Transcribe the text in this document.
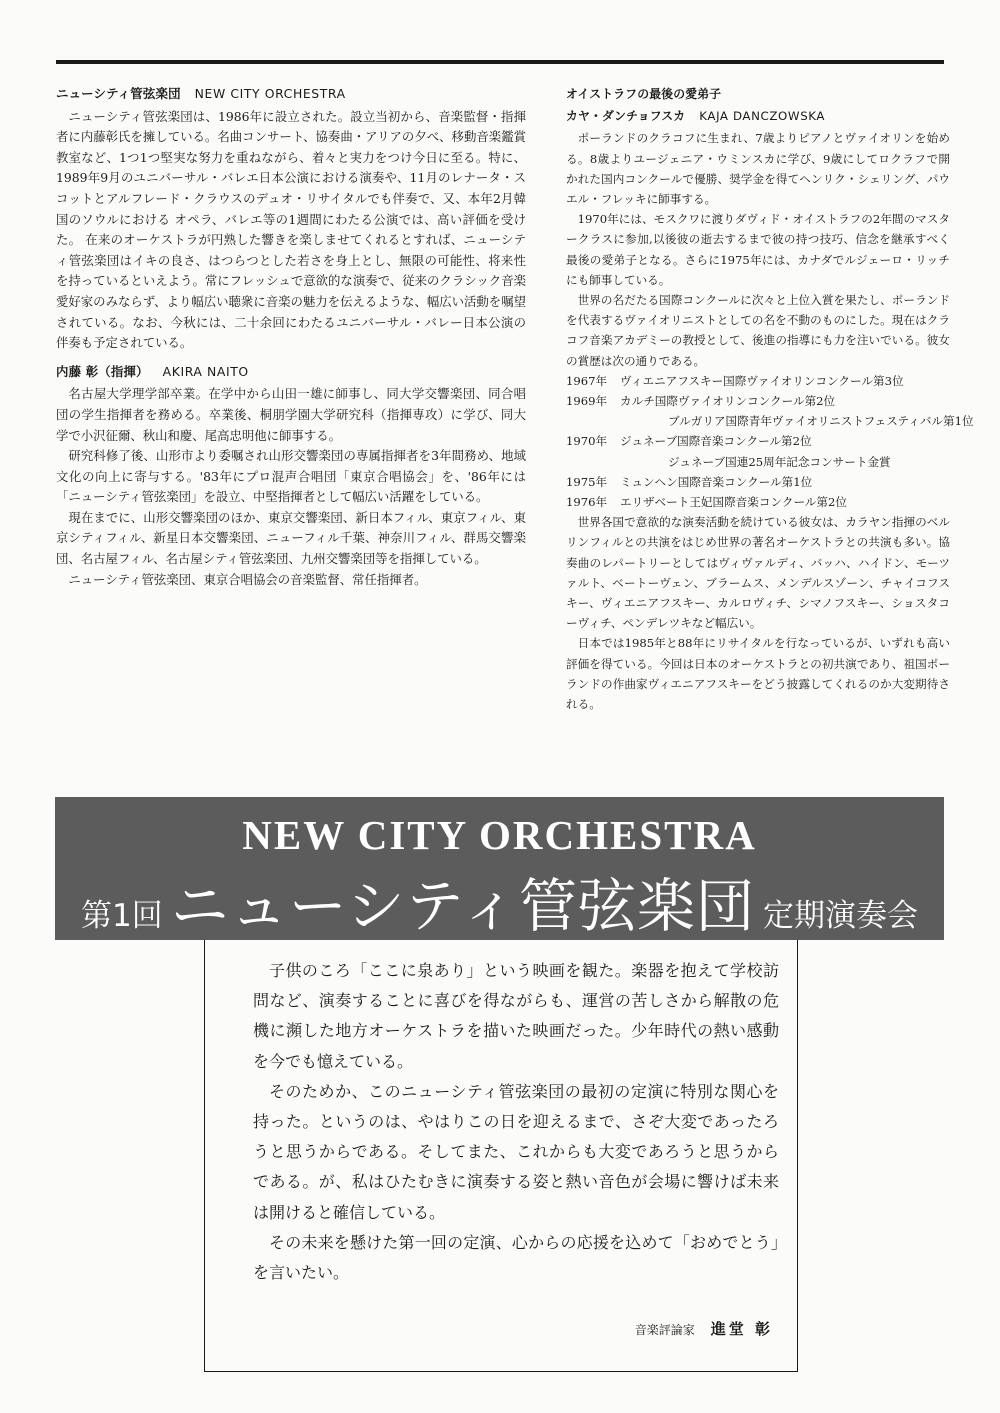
ニューシティ管弦楽団 NEW CITY ORCHESTRA

ニューシティ管弦楽団は、1986年に設立された。設立当初から、音楽監督・指揮者に内藤彰氏を擁している。名曲コンサート、協奏曲・アリアの夕べ、移動音楽鑑賞教室など、1つ1つ堅実な努力を重ねながら、着々と実力をつけ今日に至る。特に、1989年9月のユニバーサル・バレエ日本公演における演奏や、11月のレナータ・スコットとアルフレード・クラウスのデュオ・リサイタルでも伴奏で、又、本年2月韓国のソウルにおける オペラ、バレエ等の1週間にわたる公演では、高い評価を受けた。 在来のオーケストラが円熟した響きを楽しませてくれるとすれば、ニューシティ管弦楽団はイキの良さ、はつらつとした若さを身上とし、無限の可能性、将来性を持っているといえよう。常にフレッシュで意欲的な演奏で、従来のクラシック音楽愛好家のみならず、より幅広い聴衆に音楽の魅力を伝えるような、幅広い活動を嘱望されている。なお、今秋には、二十余回にわたるユニバーサル・バレー日本公演の伴奏も予定されている。

内藤 彰（指揮） AKIRA NAITO

名古屋大学理学部卒業。在学中から山田一雄に師事し、同大学交響楽団、同合唱団の学生指揮者を務める。卒業後、桐朋学園大学研究科（指揮専攻）に学び、同大学で小沢征爾、秋山和慶、尾高忠明他に師事する。

研究科修了後、山形市より委嘱され山形交響楽団の専属指揮者を3年間務め、地域文化の向上に寄与する。'83年にプロ混声合唱団「東京合唱協会」を、'86年には「ニューシティ管弦楽団」を設立、中堅指揮者として幅広い活躍をしている。

現在までに、山形交響楽団のほか、東京交響楽団、新日本フィル、東京フィル、東京シティフィル、新星日本交響楽団、ニューフィル千葉、神奈川フィル、群馬交響楽団、名古屋フィル、名古屋シティ管弦楽団、九州交響楽団等を指揮している。

ニューシティ管弦楽団、東京合唱協会の音楽監督、常任指揮者。

オイストラフの最後の愛弟子
カヤ・ダンチョフスカ KAJA DANCZOWSKA

ポーランドのクラコフに生まれ、7歳よりピアノとヴァイオリンを始める。8歳よりユージェニア・ウミンスカに学び、9歳にしてロクラフで開かれた国内コンクールで優勝、奨学金を得てヘンリク・シェリング、パウエル・フレッキに師事する。

1970年には、モスクワに渡りダヴィド・オイストラフの2年間のマスタークラスに参加,以後彼の逝去するまで彼の持つ技巧、信念を継承すべく最後の愛弟子となる。さらに1975年には、カナダでルジェーロ・リッチにも師事している。

世界の名だたる国際コンクールに次々と上位入賞を果たし、ポーランドを代表するヴァイオリニストとしての名を不動のものにした。現在はクラコフ音楽アカデミーの教授として、後進の指導にも力を注いでいる。彼女の賞歴は次の通りである。

1967年	ヴィエニアフスキー国際ヴァイオリンコンクール第3位
1969年	カルチ国際ヴァイオリンコンクール第2位
ブルガリア国際青年ヴァイオリニストフェスティバル第1位
1970年	ジュネーブ国際音楽コンクール第2位
ジュネーブ国連25周年記念コンサート金賞
1975年	ミュンヘン国際音楽コンクール第1位
1976年	エリザベート王妃国際音楽コンクール第2位

世界各国で意欲的な演奏活動を続けている彼女は、カラヤン指揮のベルリンフィルとの共演をはじめ世界の著名オーケストラとの共演も多い。協奏曲のレパートリーとしてはヴィヴァルディ、バッハ、ハイドン、モーツァルト、ベートーヴェン、ブラームス、メンデルスゾーン、チャイコフスキー、ヴィエニアフスキー、カルロヴィチ、シマノフスキー、ショスタコーヴィチ、ペンデレツキなど幅広い。

日本では1985年と88年にリサイタルを行なっているが、いずれも高い評価を得ている。今回は日本のオーケストラとの初共演であり、祖国ポーランドの作曲家ヴィエニアフスキーをどう披露してくれるのか大変期待される。

NEW CITY ORCHESTRA
第1回 ニューシティ管弦楽団 定期演奏会

子供のころ「ここに泉あり」という映画を観た。楽器を抱えて学校訪問など、演奏することに喜びを得ながらも、運営の苦しさから解散の危機に瀕した地方オーケストラを描いた映画だった。少年時代の熱い感動を今でも憶えている。

そのためか、このニューシティ管弦楽団の最初の定演に特別な関心を持った。というのは、やはりこの日を迎えるまで、さぞ大変であったろうと思うからである。そしてまた、これからも大変であろうと思うからである。が、私はひたむきに演奏する姿と熱い音色が会場に響けば未来は開けると確信している。

その未来を懸けた第一回の定演、心からの応援を込めて「おめでとう」を言いたい。

音楽評論家 進堂 彰
